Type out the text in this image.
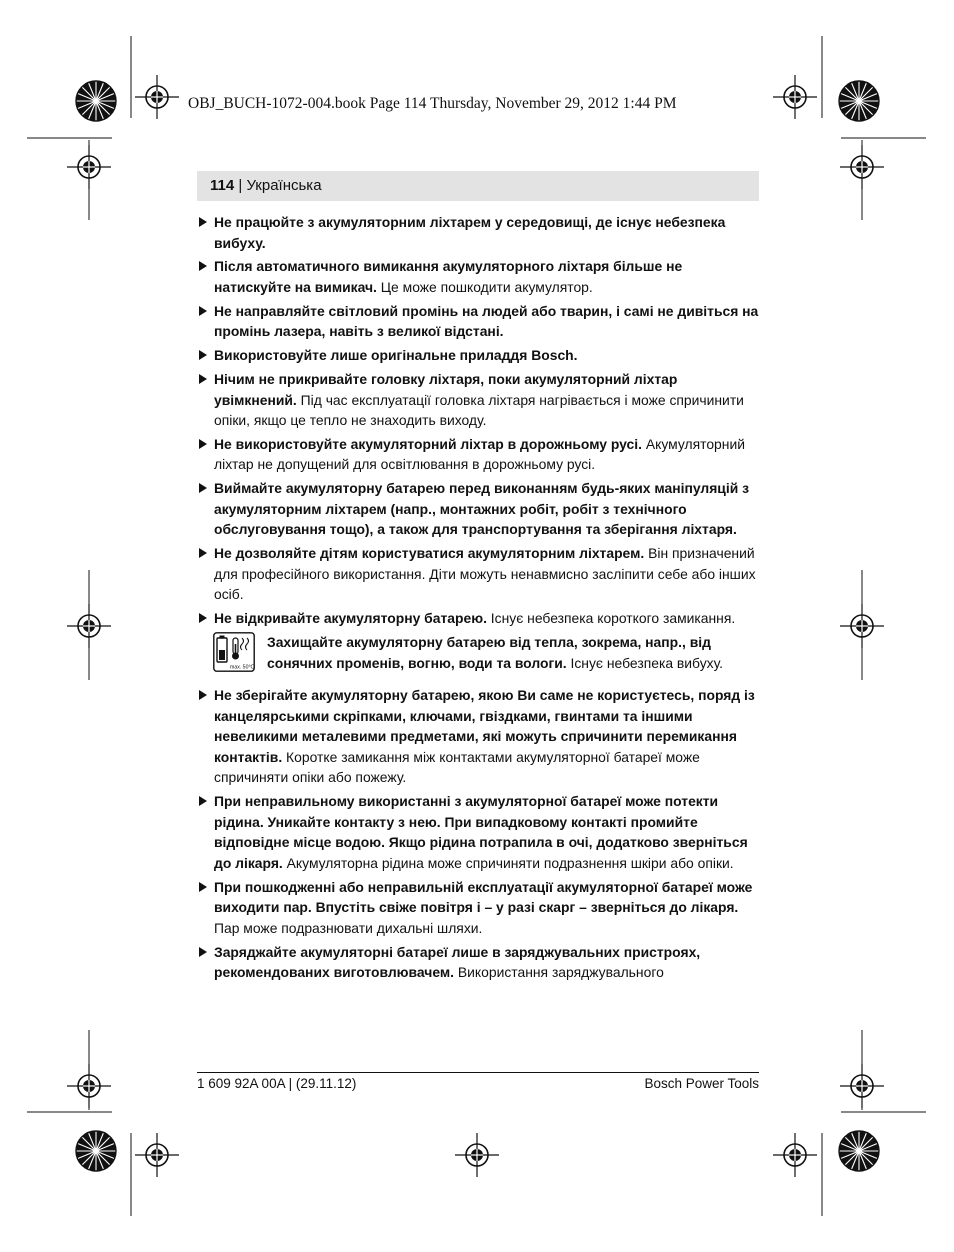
OBJ_BUCH-1072-004.book Page 114 Thursday, November 29, 2012 1:44 PM
114 | Українська
Не працюйте з акумуляторним ліхтарем у середовищі, де існує небезпека вибуху.
Після автоматичного вимикання акумуляторного ліхтаря більше не натискуйте на вимикач. Це може пошкодити акумулятор.
Не направляйте світловий промінь на людей або тварин, і самі не дивіться на промінь лазера, навіть з великої відстані.
Використовуйте лише оригінальне приладдя Bosch.
Нічим не прикривайте головку ліхтаря, поки акумуляторний ліхтар увімкнений. Під час експлуатації головка ліхтаря нагрівається і може спричинити опіки, якщо це тепло не знаходить виходу.
Не використовуйте акумуляторний ліхтар в дорожньому русі. Акумуляторний ліхтар не допущений для освітлювання в дорожньому русі.
Виймайте акумуляторну батарею перед виконанням будь-яких маніпуляцій з акумуляторним ліхтарем (напр., монтажних робіт, робіт з технічного обслуговування тощо), а також для транспортування та зберігання ліхтаря.
Не дозволяйте дітям користуватися акумуляторним ліхтарем. Він призначений для професійного використання. Діти можуть ненавмисно засліпити себе або інших осіб.
Не відкривайте акумуляторну батарею. Існує небезпека короткого замикання.
max. 50°C
Захищайте акумуляторну батарею від тепла, зокрема, напр., від сонячних променів, вогню, води та вологи. Існує небезпека вибуху.
Не зберігайте акумуляторну батарею, якою Ви саме не користуєтесь, поряд із канцелярськими скріпками, ключами, гвіздками, гвинтами та іншими невеликими металевими предметами, які можуть спричинити перемикання контактів. Коротке замикання між контактами акумуляторної батареї може спричиняти опіки або пожежу.
При неправильному використанні з акумуляторної батареї може потекти рідина. Уникайте контакту з нею. При випадковому контакті промийте відповідне місце водою. Якщо рідина потрапила в очі, додатково зверніться до лікаря. Акумуляторна рідина може спричиняти подразнення шкіри або опіки.
При пошкодженні або неправильній експлуатації акумуляторної батареї може виходити пар. Впустіть свіже повітря і – у разі скарг – зверніться до лікаря. Пар може подразнювати дихальні шляхи.
Заряджайте акумуляторні батареї лише в заряджувальних пристроях, рекомендованих виготовлювачем. Використання заряджувального
1 609 92A 00A | (29.11.12)	Bosch Power Tools
